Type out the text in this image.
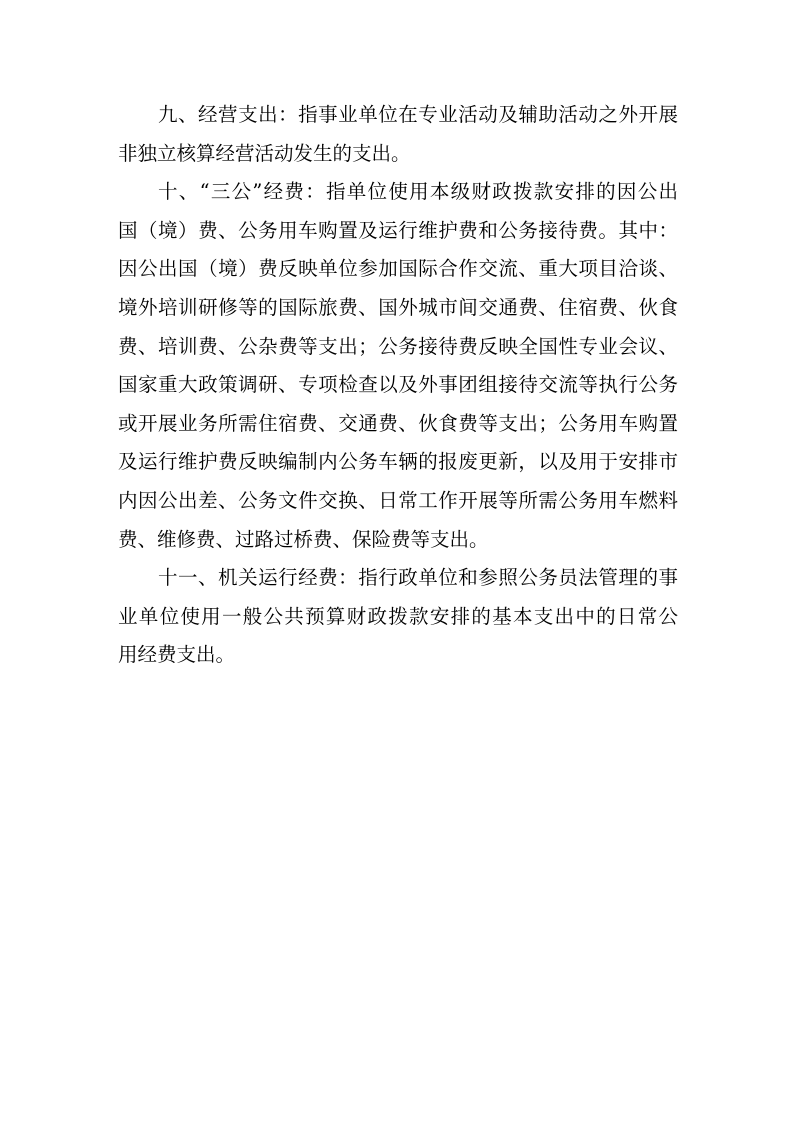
九、经营支出：指事业单位在专业活动及辅助活动之外开展
非独立核算经营活动发生的支出。
十、“三公”经费：指单位使用本级财政拨款安排的因公出
国（境）费、公务用车购置及运行维护费和公务接待费。其中：
因公出国（境）费反映单位参加国际合作交流、重大项目洽谈、
境外培训研修等的国际旅费、国外城市间交通费、住宿费、伙食
费、培训费、公杂费等支出；公务接待费反映全国性专业会议、
国家重大政策调研、专项检查以及外事团组接待交流等执行公务
或开展业务所需住宿费、交通费、伙食费等支出；公务用车购置
及运行维护费反映编制内公务车辆的报废更新，以及用于安排市
内因公出差、公务文件交换、日常工作开展等所需公务用车燃料
费、维修费、过路过桥费、保险费等支出。
十一、机关运行经费：指行政单位和参照公务员法管理的事
业单位使用一般公共预算财政拨款安排的基本支出中的日常公
用经费支出。
